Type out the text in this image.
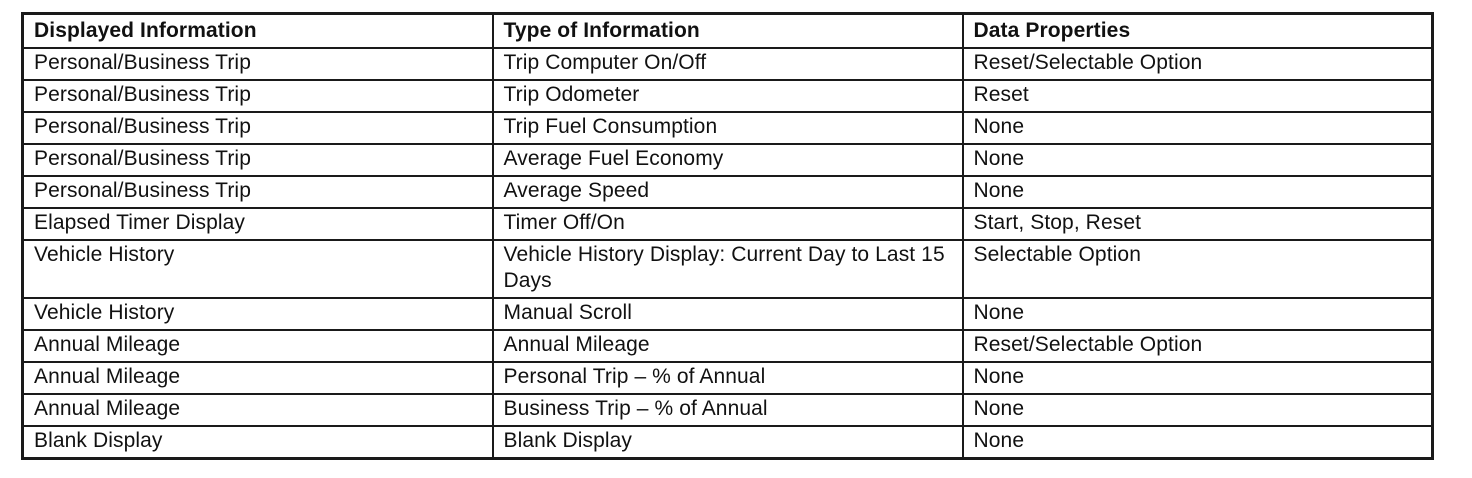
Displayed Information	Type of Information	Data Properties
Personal/Business Trip	Trip Computer On/Off	Reset/Selectable Option
Personal/Business Trip	Trip Odometer	Reset
Personal/Business Trip	Trip Fuel Consumption	None
Personal/Business Trip	Average Fuel Economy	None
Personal/Business Trip	Average Speed	None
Elapsed Timer Display	Timer Off/On	Start, Stop, Reset
Vehicle History	Vehicle History Display: Current Day to Last 15 Days	Selectable Option
Vehicle History	Manual Scroll	None
Annual Mileage	Annual Mileage	Reset/Selectable Option
Annual Mileage	Personal Trip – % of Annual	None
Annual Mileage	Business Trip – % of Annual	None
Blank Display	Blank Display	None
